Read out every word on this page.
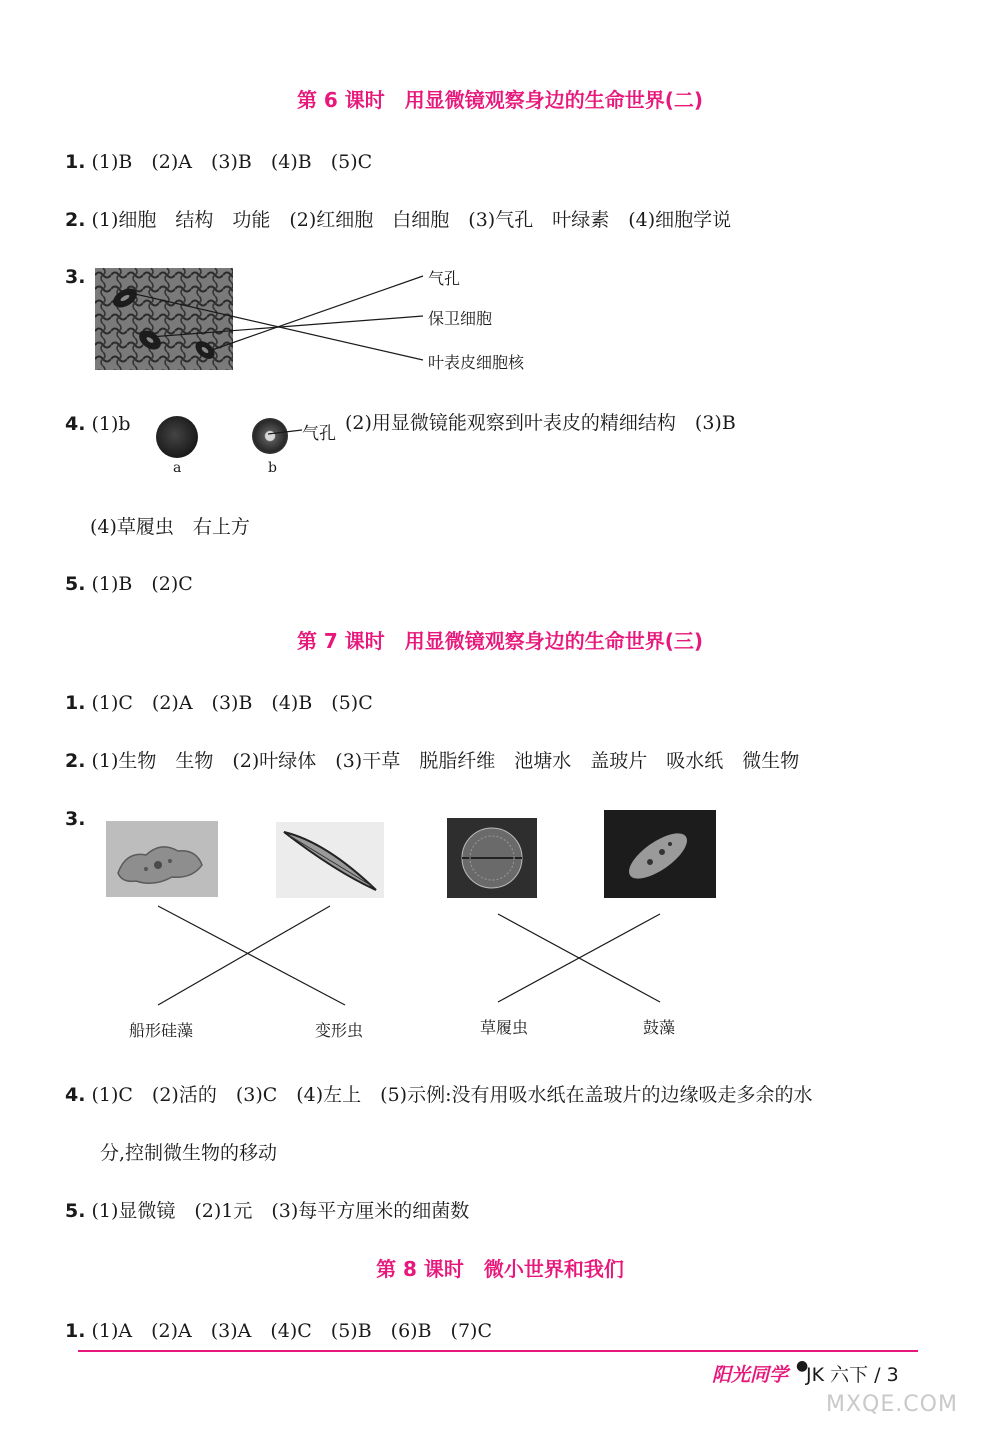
第 6 课时　用显微镜观察身边的生命世界(二)
1. (1)B　(2)A　(3)B　(4)B　(5)C
2. (1)细胞　结构　功能　(2)红细胞　白细胞　(3)气孔　叶绿素　(4)细胞学说
3.	气孔
保卫细胞
叶表皮细胞核
4. (1)b
a	b
气孔 (2)用显微镜能观察到叶表皮的精细结构　(3)B
(4)草履虫　右上方
5. (1)B　(2)C
第 7 课时　用显微镜观察身边的生命世界(三)
1. (1)C　(2)A　(3)B　(4)B　(5)C
2. (1)生物　生物　(2)叶绿体　(3)干草　脱脂纤维　池塘水　盖玻片　吸水纸　微生物
3.
船形硅藻	变形虫	草履虫	鼓藻
4. (1)C　(2)活的　(3)C　(4)左上　(5)示例:没有用吸水纸在盖玻片的边缘吸走多余的水
分,控制微生物的移动
5. (1)显微镜　(2)1元　(3)每平方厘米的细菌数
第 8 课时　微小世界和我们
1. (1)A　(2)A　(3)A　(4)C　(5)B　(6)B　(7)C
阳光同学 ●
JK 六下 / 3
MXQE.COM
